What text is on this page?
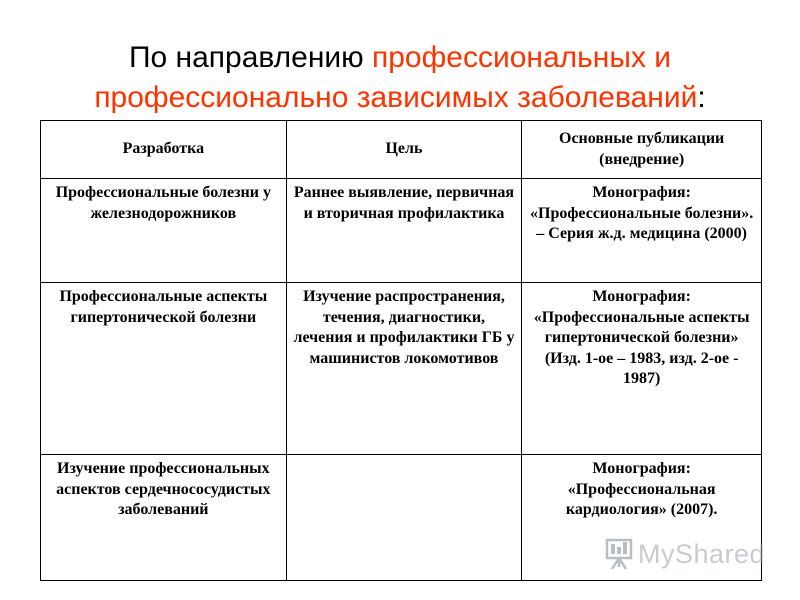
По направлению профессиональных и профессионально зависимых заболеваний:
Разработка	Цель	Основные публикации (внедрение)
Профессиональные болезни у железнодорожников	Раннее выявление, первичная и вторичная профилактика	Монография: «Профессиональные болезни». – Серия ж.д. медицина (2000)
Профессиональные аспекты гипертонической болезни	Изучение распространения, течения, диагностики, лечения и профилактики ГБ у машинистов локомотивов	Монография: «Профессиональные аспекты гипертонической болезни» (Изд. 1-ое – 1983, изд. 2-ое - 1987)
Изучение профессиональных аспектов сердечнососудистых заболеваний		Монография: «Профессиональная кардиология» (2007).
MyShared
